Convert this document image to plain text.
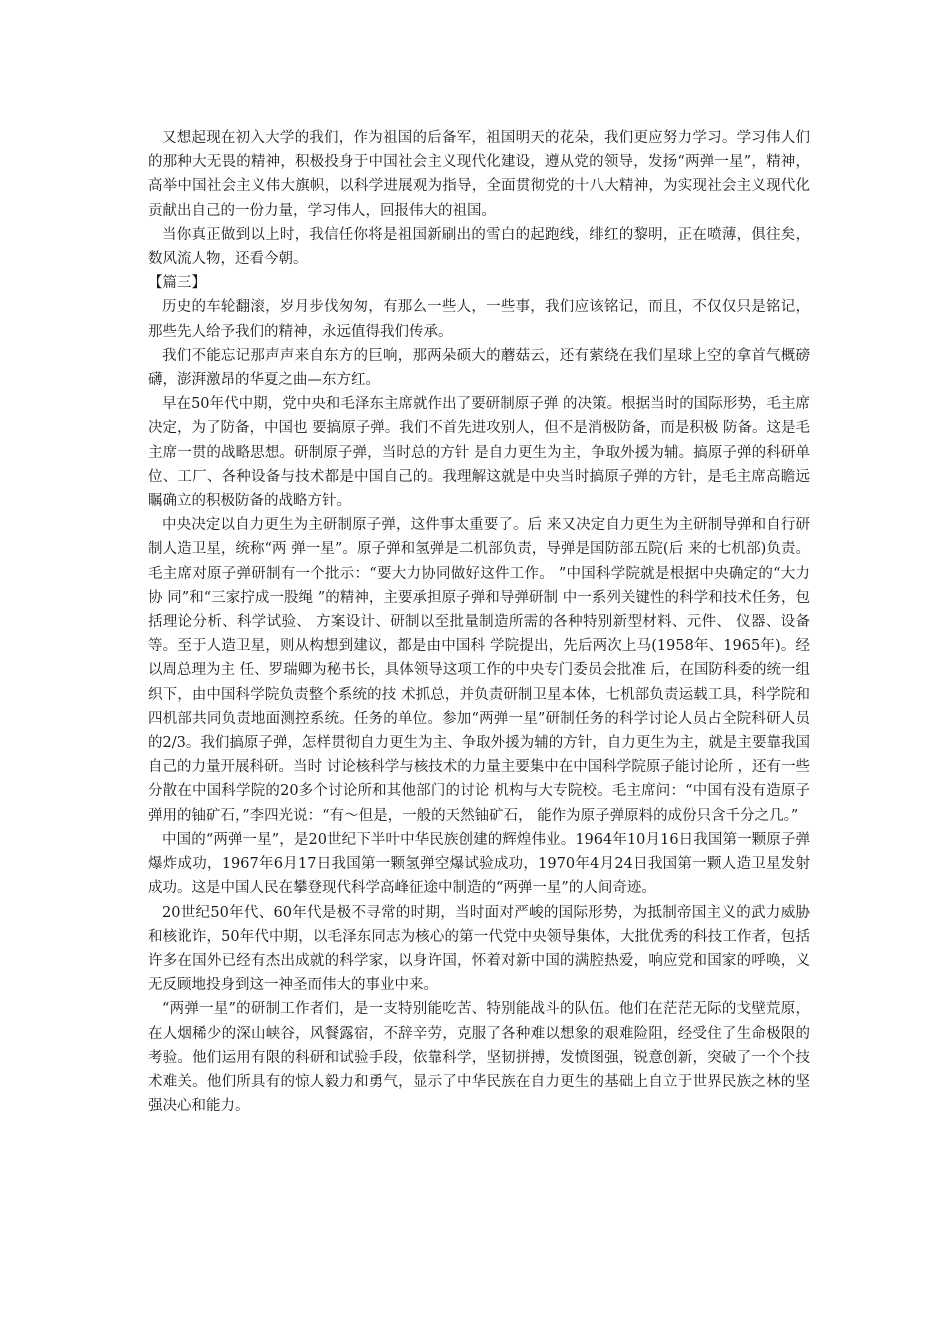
又想起现在初入大学的我们，作为祖国的后备军，祖国明天的花朵，我们更应努力学习。学习伟人们的那种大无畏的精神，积极投身于中国社会主义现代化建设，遵从党的领导，发扬“两弹一星”，精神，高举中国社会主义伟大旗帜，以科学进展观为指导，全面贯彻党的十八大精神，为实现社会主义现代化贡献出自己的一份力量，学习伟人，回报伟大的祖国。

当你真正做到以上时，我信任你将是祖国新刷出的雪白的起跑线，绯红的黎明，正在喷薄，俱往矣，数风流人物，还看今朝。

【篇三】

历史的车轮翻滚，岁月步伐匆匆，有那么一些人，一些事，我们应该铭记，而且，不仅仅只是铭记，那些先人给予我们的精神，永远值得我们传承。

我们不能忘记那声声来自东方的巨响，那两朵硕大的蘑菇云，还有萦绕在我们星球上空的拿首气概磅礴，澎湃激昂的华夏之曲—东方红。

早在50年代中期，党中央和毛泽东主席就作出了要研制原子弹 的决策。根据当时的国际形势，毛主席决定，为了防备，中国也 要搞原子弹。我们不首先进攻别人，但不是消极防备，而是积极 防备。这是毛主席一贯的战略思想。研制原子弹，当时总的方针 是自力更生为主，争取外援为辅。搞原子弹的科研单位、工厂、各种设备与技术都是中国自己的。我理解这就是中央当时搞原子弹的方针，是毛主席高瞻远瞩确立的积极防备的战略方针。

中央决定以自力更生为主研制原子弹，这件事太重要了。后 来又决定自力更生为主研制导弹和自行研制人造卫星，统称“两 弹一星”。原子弹和氢弹是二机部负责，导弹是国防部五院(后 来的七机部)负责。毛主席对原子弹研制有一个批示：“要大力协同做好这件工作。 ”中国科学院就是根据中央确定的“大力协 同”和“三家拧成一股绳 ”的精神，主要承担原子弹和导弹研制 中一系列关键性的科学和技术任务，包括理论分析、科学试验、 方案设计、研制以至批量制造所需的各种特别新型材料、元件、 仪器、设备等。至于人造卫星，则从构想到建议，都是由中国科 学院提出，先后两次上马(1958年、1965年)。经以周总理为主 任、罗瑞卿为秘书长，具体领导这项工作的中央专门委员会批准 后，在国防科委的统一组织下，由中国科学院负责整个系统的技 术抓总，并负责研制卫星本体，七机部负责运载工具，科学院和 四机部共同负责地面测控系统。任务的单位。参加“两弹一星”研制任务的科学讨论人员占全院科研人员的2/3。我们搞原子弹，怎样贯彻自力更生为主、争取外援为辅的方针，自力更生为主，就是主要靠我国自己的力量开展科研。当时 讨论核科学与核技术的力量主要集中在中国科学院原子能讨论所 ，还有一些分散在中国科学院的20多个讨论所和其他部门的讨论 机构与大专院校。毛主席问：“中国有没有造原子弹用的铀矿石，”李四光说：“有～但是，一般的天然铀矿石， 能作为原子弹原料的成份只含千分之几。”

中国的“两弹一星”，是20世纪下半叶中华民族创建的辉煌伟业。1964年10月16日我国第一颗原子弹爆炸成功，1967年6月17日我国第一颗氢弹空爆试验成功，1970年4月24日我国第一颗人造卫星发射成功。这是中国人民在攀登现代科学高峰征途中制造的“两弹一星”的人间奇迹。

20世纪50年代、60年代是极不寻常的时期，当时面对严峻的国际形势，为抵制帝国主义的武力威胁和核讹诈，50年代中期，以毛泽东同志为核心的第一代党中央领导集体，大批优秀的科技工作者，包括许多在国外已经有杰出成就的科学家，以身许国，怀着对新中国的满腔热爱，响应党和国家的呼唤，义无反顾地投身到这一神圣而伟大的事业中来。

“两弹一星”的研制工作者们，是一支特别能吃苦、特别能战斗的队伍。他们在茫茫无际的戈壁荒原，在人烟稀少的深山峡谷，风餐露宿，不辞辛劳，克服了各种难以想象的艰难险阻，经受住了生命极限的考验。他们运用有限的科研和试验手段，依靠科学，坚韧拼搏，发愤图强，锐意创新，突破了一个个技术难关。他们所具有的惊人毅力和勇气，显示了中华民族在自力更生的基础上自立于世界民族之林的坚强决心和能力。
